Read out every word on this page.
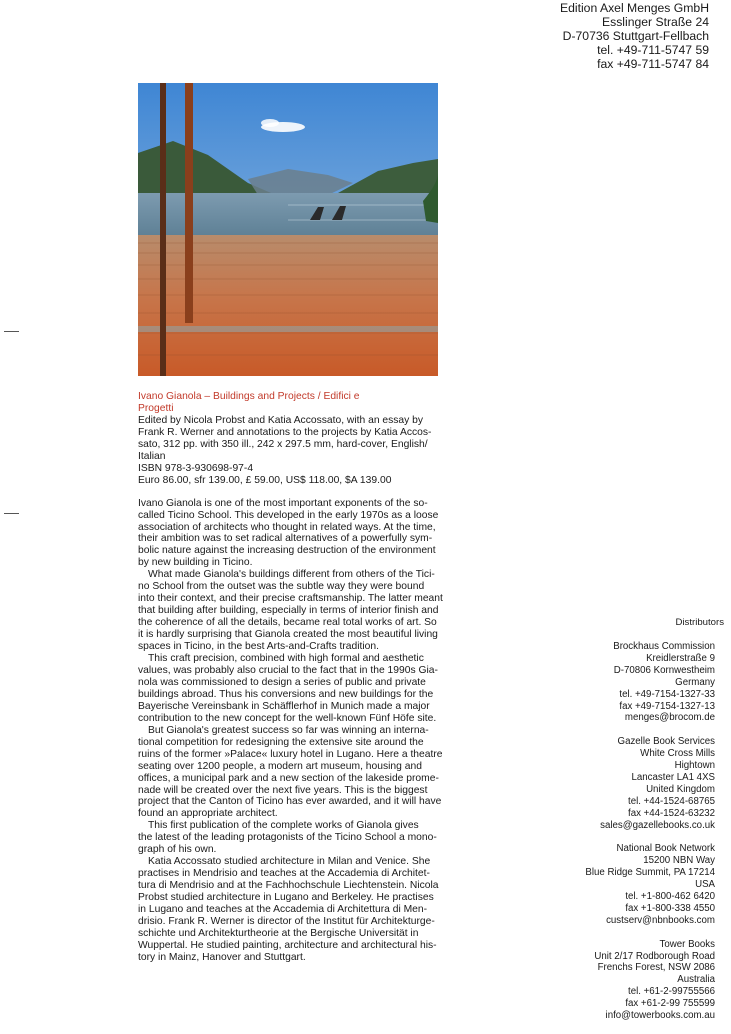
Edition Axel Menges GmbH
Esslinger Straße 24
D-70736 Stuttgart-Fellbach
tel. +49-711-5747 59
fax +49-711-5747 84
Ivano Gianola – Buildings and Projects / Edifici e
Progetti
Edited by Nicola Probst and Katia Accossato, with an essay by
Frank R. Werner and annotations to the projects by Katia Accos-
sato, 312 pp. with 350 ill., 242 x 297.5 mm, hard-cover, English/
Italian
ISBN 978-3-930698-97-4
Euro 86.00, sfr 139.00, £ 59.00, US$ 118.00, $A 139.00

Ivano Gianola is one of the most important exponents of the so-

called Ticino School. This developed in the early 1970s as a loose

association of architects who thought in related ways. At the time,

their ambition was to set radical alternatives of a powerfully sym-

bolic nature against the increasing destruction of the environment

by new building in Ticino.

What made Gianola's buildings different from others of the Tici-

no School from the outset was the subtle way they were bound

into their context, and their precise craftsmanship. The latter meant

that building after building, especially in terms of interior finish and

the coherence of all the details, became real total works of art. So

it is hardly surprising that Gianola created the most beautiful living

spaces in Ticino, in the best Arts-and-Crafts tradition.

This craft precision, combined with high formal and aesthetic

values, was probably also crucial to the fact that in the 1990s Gia-

nola was commissioned to design a series of public and private

buildings abroad. Thus his conversions and new buildings for the

Bayerische Vereinsbank in Schäfflerhof in Munich made a major

contribution to the new concept for the well-known Fünf Höfe site.

But Gianola's greatest success so far was winning an interna-

tional competition for redesigning the extensive site around the

ruins of the former »Palace« luxury hotel in Lugano. Here a theatre

seating over 1200 people, a modern art museum, housing and

offices, a municipal park and a new section of the lakeside prome-

nade will be created over the next five years. This is the biggest

project that the Canton of Ticino has ever awarded, and it will have

found an appropriate architect.

This first publication of the complete works of Gianola gives

the latest of the leading protagonists of the Ticino School a mono-

graph of his own.

Katia Accossato studied architecture in Milan and Venice. She

practises in Mendrisio and teaches at the Accademia di Architet-

tura di Mendrisio and at the Fachhochschule Liechtenstein. Nicola

Probst studied architecture in Lugano and Berkeley. He practises

in Lugano and teaches at the Accademia di Architettura di Men-

drisio. Frank R. Werner is director of the Institut für Architekturge-

schichte und Architekturtheorie at the Bergische Universität in

Wuppertal. He studied painting, architecture and architectural his-

tory in Mainz, Hanover and Stuttgart.

Distributors
Brockhaus Commission
Kreidlerstraße 9
D-70806 Kornwestheim
Germany
tel. +49-7154-1327-33
fax +49-7154-1327-13
menges@brocom.de
Gazelle Book Services
White Cross Mills
Hightown
Lancaster LA1 4XS
United Kingdom
tel. +44-1524-68765
fax +44-1524-63232
sales@gazellebooks.co.uk
National Book Network
15200 NBN Way
Blue Ridge Summit, PA 17214
USA
tel. +1-800-462 6420
fax +1-800-338 4550
custserv@nbnbooks.com
Tower Books
Unit 2/17 Rodborough Road
Frenchs Forest, NSW 2086
Australia
tel. +61-2-99755566
fax +61-2-99 755599
info@towerbooks.com.au
